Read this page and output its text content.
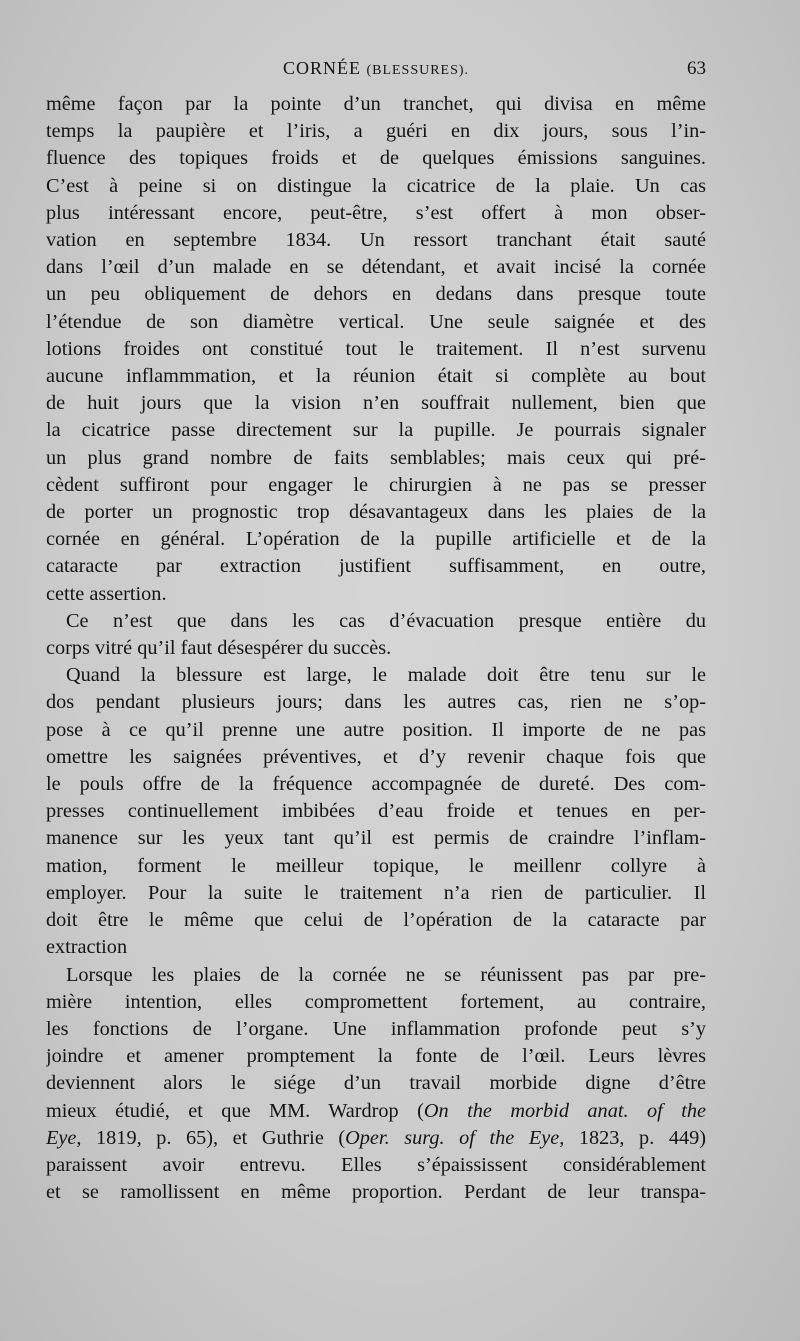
CORNÉE (BLESSURES).	63
même façon par la pointe d’un tranchet, qui divisa en même
temps la paupière et l’iris, a guéri en dix jours, sous l’in-
fluence des topiques froids et de quelques émissions sanguines.
C’est à peine si on distingue la cicatrice de la plaie. Un cas
plus intéressant encore, peut-être, s’est offert à mon obser-
vation en septembre 1834. Un ressort tranchant était sauté
dans l’œil d’un malade en se détendant, et avait incisé la cornée
un peu obliquement de dehors en dedans dans presque toute
l’étendue de son diamètre vertical. Une seule saignée et des
lotions froides ont constitué tout le traitement. Il n’est survenu
aucune inflammmation, et la réunion était si complète au bout
de huit jours que la vision n’en souffrait nullement, bien que
la cicatrice passe directement sur la pupille. Je pourrais signaler
un plus grand nombre de faits semblables; mais ceux qui pré-
cèdent suffiront pour engager le chirurgien à ne pas se presser
de porter un prognostic trop désavantageux dans les plaies de la
cornée en général. L’opération de la pupille artificielle et de la
cataracte par extraction justifient suffisamment, en outre,
cette assertion.
Ce n’est que dans les cas d’évacuation presque entière du
corps vitré qu’il faut désespérer du succès.
Quand la blessure est large, le malade doit être tenu sur le
dos pendant plusieurs jours; dans les autres cas, rien ne s’op-
pose à ce qu’il prenne une autre position. Il importe de ne pas
omettre les saignées préventives, et d’y revenir chaque fois que
le pouls offre de la fréquence accompagnée de dureté. Des com-
presses continuellement imbibées d’eau froide et tenues en per-
manence sur les yeux tant qu’il est permis de craindre l’inflam-
mation, forment le meilleur topique, le meillenr collyre à
employer. Pour la suite le traitement n’a rien de particulier. Il
doit être le même que celui de l’opération de la cataracte par
extraction
Lorsque les plaies de la cornée ne se réunissent pas par pre-
mière intention, elles compromettent fortement, au contraire,
les fonctions de l’organe. Une inflammation profonde peut s’y
joindre et amener promptement la fonte de l’œil. Leurs lèvres
deviennent alors le siége d’un travail morbide digne d’être
mieux étudié, et que MM. Wardrop (On the morbid anat. of the
Eye, 1819, p. 65), et Guthrie (Oper. surg. of the Eye, 1823, p. 449)
paraissent avoir entrevu. Elles s’épaississent considérablement
et se ramollissent en même proportion. Perdant de leur transpa-
